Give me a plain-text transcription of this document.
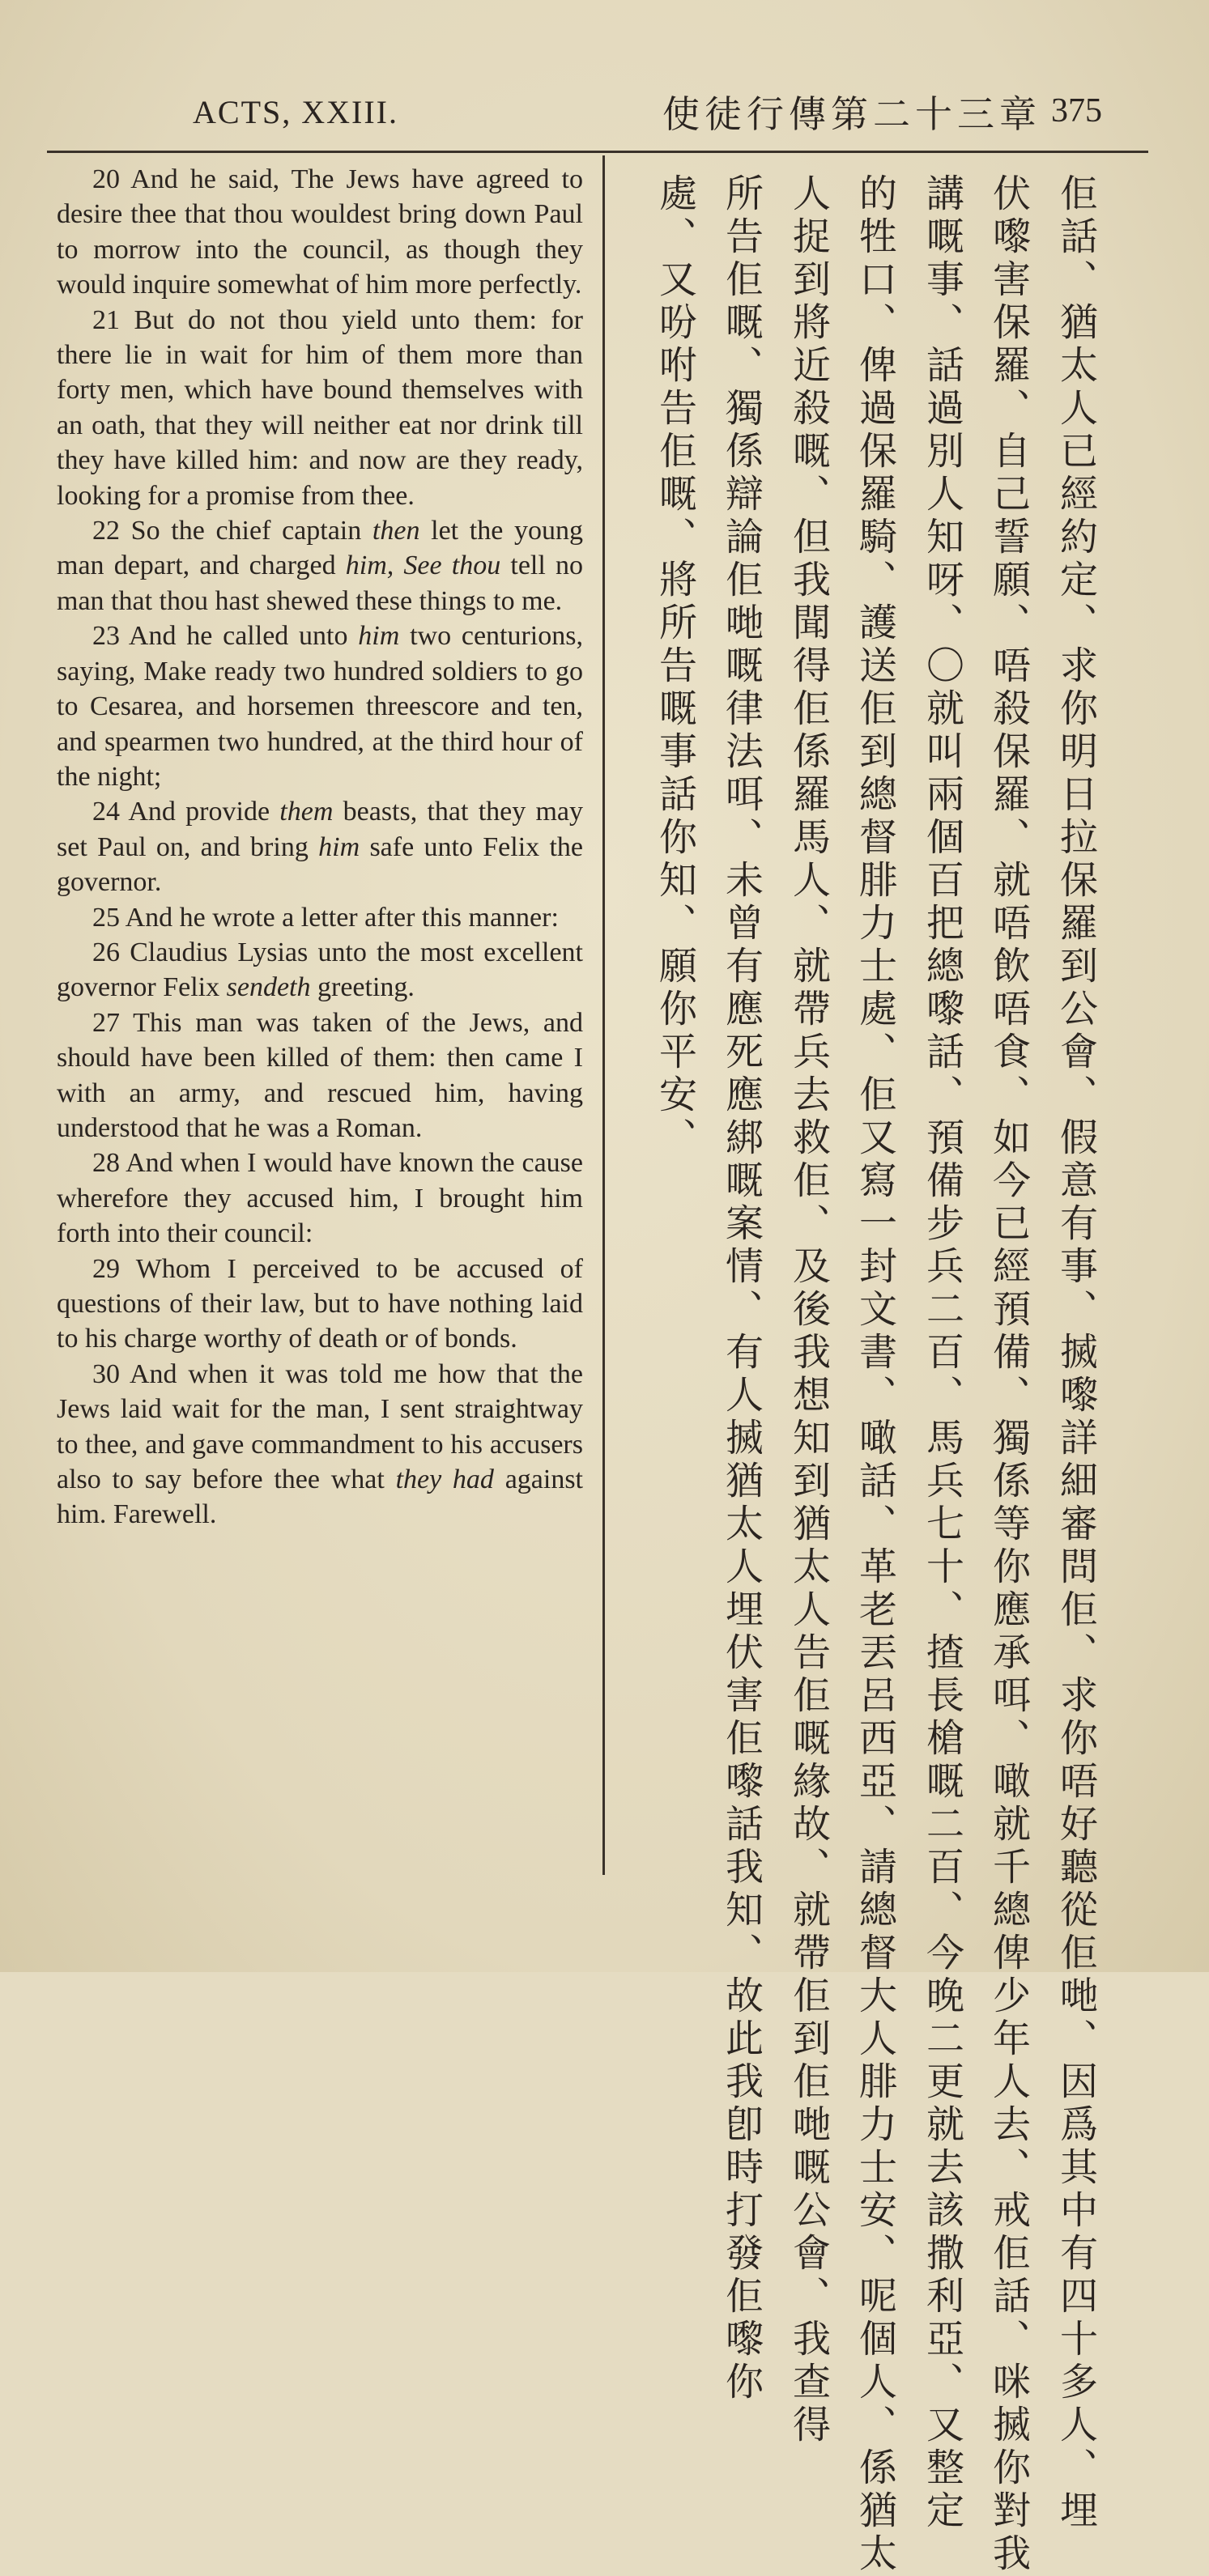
ACTS, XXIII.	使徒行傳第二十三章 375

20 And he said, The Jews have agreed to desire thee that thou wouldest bring down Paul to morrow into the council, as though they would inquire somewhat of him more perfectly.

21 But do not thou yield unto them: for there lie in wait for him of them more than forty men, which have bound themselves with an oath, that they will neither eat nor drink till they have killed him: and now are they ready, looking for a promise from thee.

22 So the chief captain then let the young man depart, and charged him, See thou tell no man that thou hast shewed these things to me.

23 And he called unto him two centurions, saying, Make ready two hundred soldiers to go to Cesarea, and horsemen threescore and ten, and spearmen two hundred, at the third hour of the night;

24 And provide them beasts, that they may set Paul on, and bring him safe unto Felix the governor.

25 And he wrote a letter after this manner:

26 Claudius Lysias unto the most excellent governor Felix sendeth greeting.

27 This man was taken of the Jews, and should have been killed of them: then came I with an army, and rescued him, having understood that he was a Roman.

28 And when I would have known the cause wherefore they accused him, I brought him forth into their council:

29 Whom I perceived to be accused of questions of their law, but to have nothing laid to his charge worthy of death or of bonds.

30 And when it was told me how that the Jews laid wait for the man, I sent straightway to thee, and gave commandment to his accusers also to say before thee what they had against him. Farewell.	佢話、猶太人已經約定、求你明日拉保羅到公會、假意有事、搣嚟詳細審問佢、求你唔好聽從佢哋、因爲其中有四十多人、埋
伏嚟害保羅、自己誓願、唔殺保羅、就唔飲唔食、如今已經預備、獨係等你應承咡、噉就千總俾少年人去、戒佢話、咪搣你對我
講嘅事、話過別人知呀、〇就叫兩個百把總嚟話、預備步兵二百、馬兵七十、揸長槍嘅二百、今晚二更就去該撒利亞、又整定
的牲口、俾過保羅騎、護送佢到總督腓力士處、佢又寫一封文書、噉話、革老丟呂西亞、請總督大人腓力士安、呢個人、係猶太
人捉到將近殺嘅、但我聞得佢係羅馬人、就帶兵去救佢、及後我想知到猶太人告佢嘅緣故、就帶佢到佢哋嘅公會、我查得
所告佢嘅、獨係辯論佢哋嘅律法咡、未曾有應死應綁嘅案情、有人搣猶太人埋伏害佢嚟話我知、故此我卽時打發佢嚟你
處、又吩咐告佢嘅、將所告嘅事話你知、願你平安、
